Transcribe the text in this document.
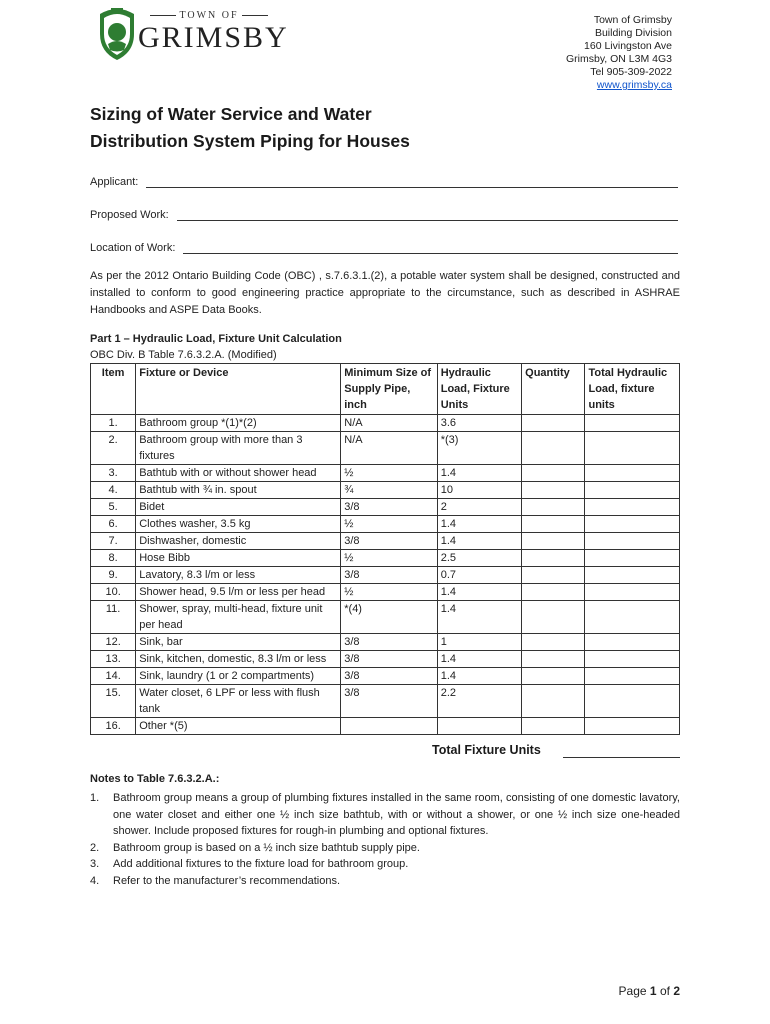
TOWN OF
GRIMSBY
Town of Grimsby
Building Division
160 Livingston Ave
Grimsby, ON L3M 4G3
Tel 905-309-2022
www.grimsby.ca
Sizing of Water Service and Water
Distribution System Piping for Houses
Applicant:
Proposed Work:
Location of Work:
As per the 2012 Ontario Building Code (OBC) , s.7.6.3.1.(2), a potable water system shall be designed, constructed and installed to conform to good engineering practice appropriate to the circumstance, such as described in ASHRAE Handbooks and ASPE Data Books.
Part 1 – Hydraulic Load, Fixture Unit Calculation
OBC Div. B Table 7.6.3.2.A. (Modified)
Item	Fixture or Device	Minimum Size of Supply Pipe, inch	Hydraulic Load, Fixture Units	Quantity	Total Hydraulic Load, fixture units
1.	Bathroom group *(1)*(2)	N/A	3.6		
2.	Bathroom group with more than 3 fixtures	N/A	*(3)		
3.	Bathtub with or without shower head	½	1.4		
4.	Bathtub with ¾ in. spout	¾	10		
5.	Bidet	3/8	2		
6.	Clothes washer, 3.5 kg	½	1.4		
7.	Dishwasher, domestic	3/8	1.4		
8.	Hose Bibb	½	2.5		
9.	Lavatory, 8.3 l/m or less	3/8	0.7		
10.	Shower head, 9.5 l/m or less per head	½	1.4		
11.	Shower, spray, multi-head, fixture unit per head	*(4)	1.4		
12.	Sink, bar	3/8	1		
13.	Sink, kitchen, domestic, 8.3 l/m or less	3/8	1.4		
14.	Sink, laundry (1 or 2 compartments)	3/8	1.4		
15.	Water closet, 6 LPF or less with flush tank	3/8	2.2		
16.	Other *(5)				
Total Fixture Units
Notes to Table 7.6.3.2.A.:
1.	Bathroom group means a group of plumbing fixtures installed in the same room, consisting of one domestic lavatory, one water closet and either one ½ inch size bathtub, with or without a shower, or one ½ inch size one-headed shower. Include proposed fixtures for rough-in plumbing and optional fixtures.
2.	Bathroom group is based on a ½ inch size bathtub supply pipe.
3.	Add additional fixtures to the fixture load for bathroom group.
4.	Refer to the manufacturer’s recommendations.
Page 1 of 2
